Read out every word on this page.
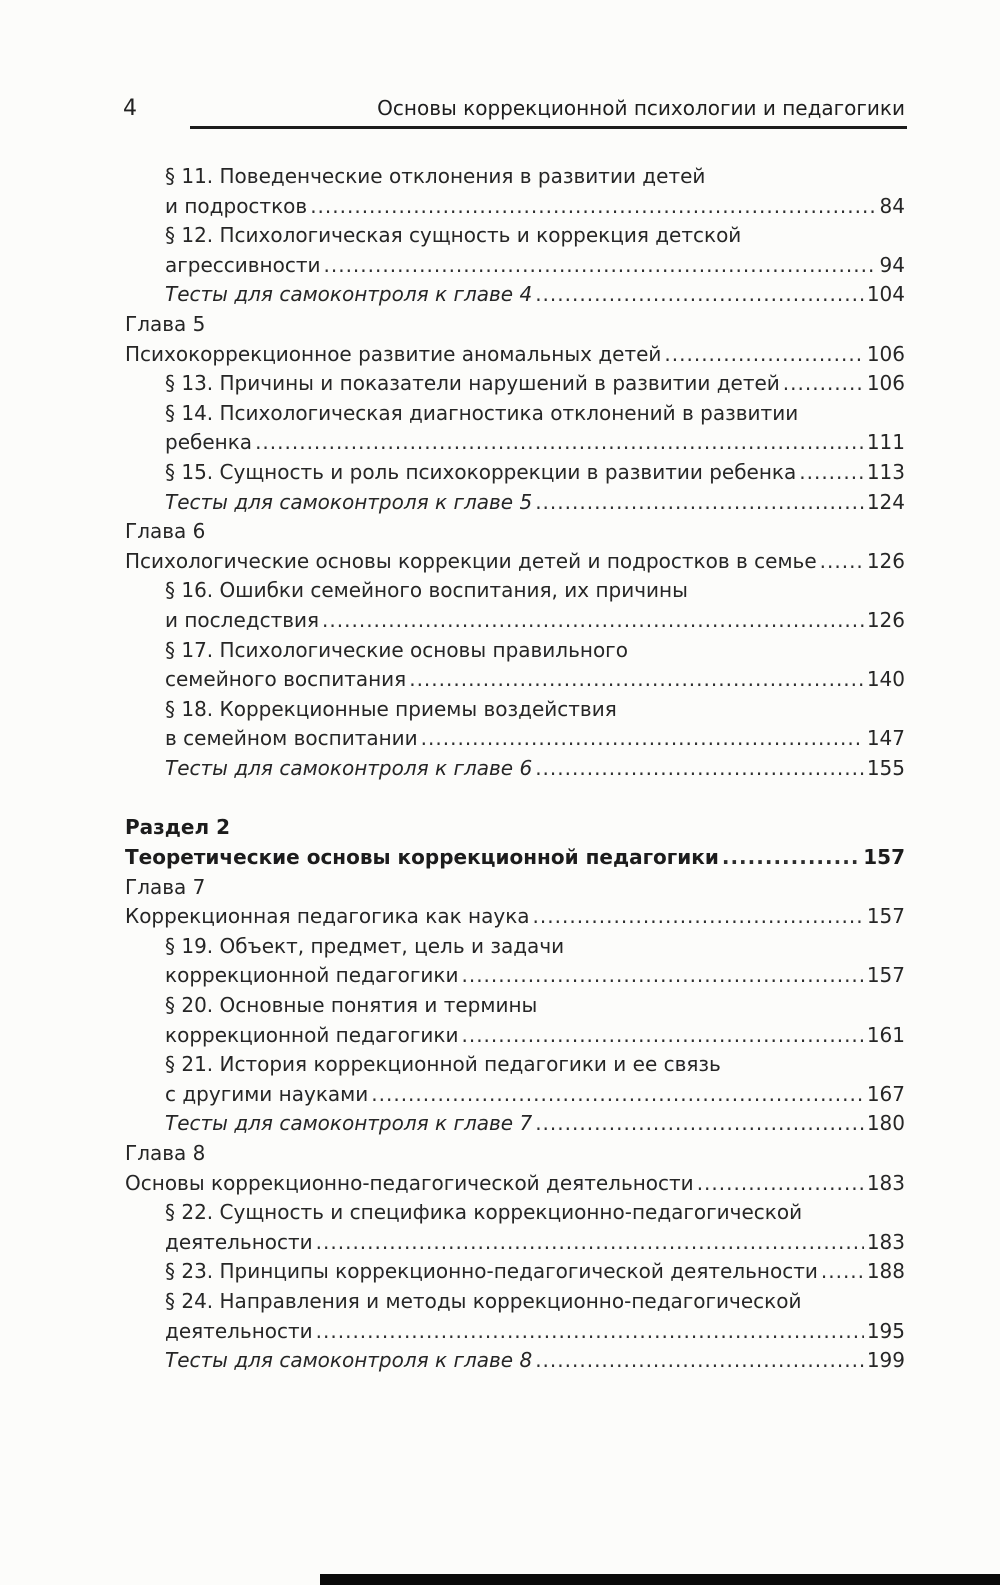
4	Основы коррекционной психологии и педагогики
§ 11. Поведенческие отклонения в развитии детей
и подростков .....	84
§ 12. Психологическая сущность и коррекция детской
агрессивности .....	94
Тесты для самоконтроля к главе 4 .....	104
Глава 5
Психокоррекционное развитие аномальных детей .....	106
§ 13. Причины и показатели нарушений в развитии детей .....	106
§ 14. Психологическая диагностика отклонений в развитии
ребенка .....	111
§ 15. Сущность и роль психокоррекции в развитии ребенка .....	113
Тесты для самоконтроля к главе 5 .....	124
Глава 6
Психологические основы коррекции детей и подростков в семье .....	126
§ 16. Ошибки семейного воспитания, их причины
и последствия .....	126
§ 17. Психологические основы правильного
семейного воспитания .....	140
§ 18. Коррекционные приемы воздействия
в семейном воспитании .....	147
Тесты для самоконтроля к главе 6 .....	155
Раздел 2
Теоретические основы коррекционной педагогики .....	157
Глава 7
Коррекционная педагогика как наука .....	157
§ 19. Объект, предмет, цель и задачи
коррекционной педагогики .....	157
§ 20. Основные понятия и термины
коррекционной педагогики .....	161
§ 21. История коррекционной педагогики и ее связь
с другими науками .....	167
Тесты для самоконтроля к главе 7 .....	180
Глава 8
Основы коррекционно-педагогической деятельности .....	183
§ 22. Сущность и специфика коррекционно-педагогической
деятельности .....	183
§ 23. Принципы коррекционно-педагогической деятельности ..... 188
§ 24. Направления и методы коррекционно-педагогической
деятельности .....	195
Тесты для самоконтроля к главе 8 .....	199
